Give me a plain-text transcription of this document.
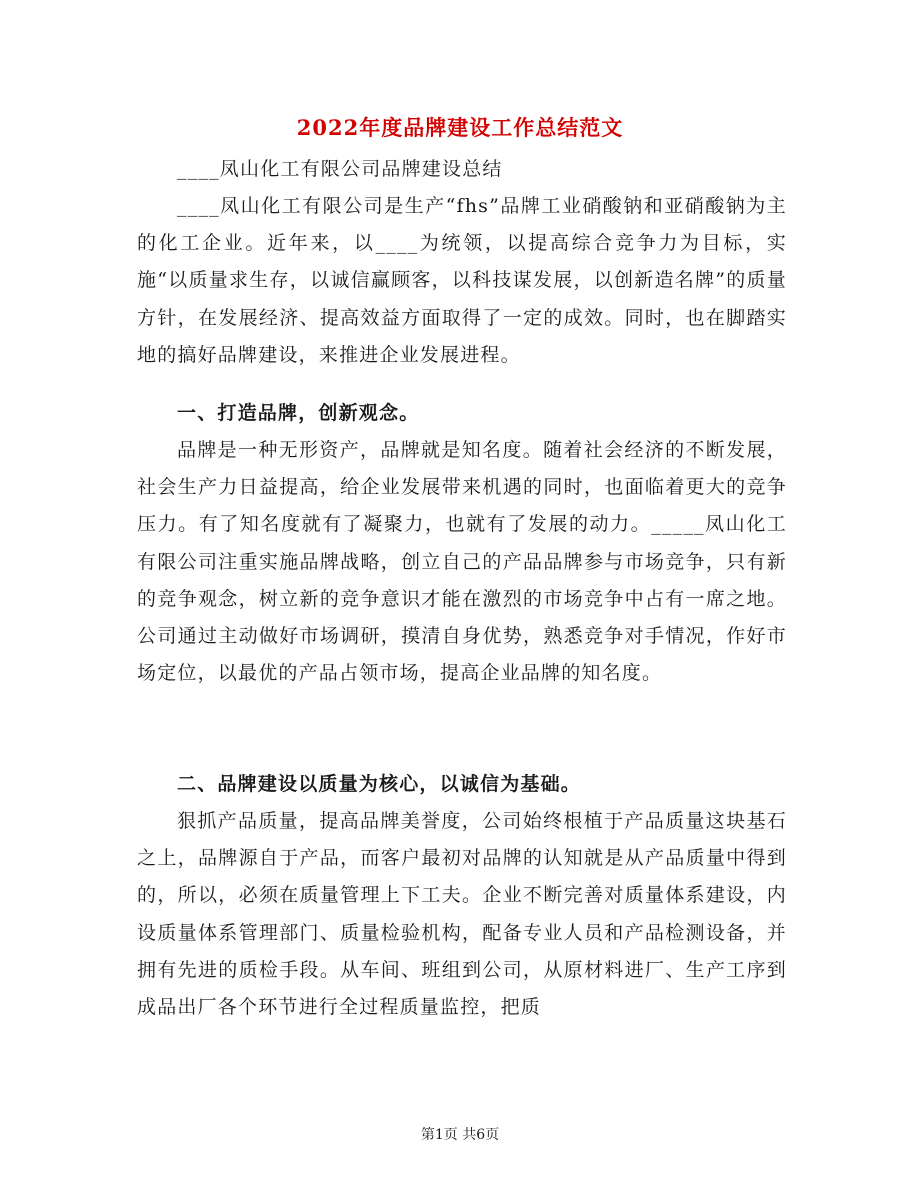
2022年度品牌建设工作总结范文

____凤山化工有限公司品牌建设总结

____凤山化工有限公司是生产“fhs”品牌工业硝酸钠和亚硝酸钠为主的化工企业。近年来，以____为统领，以提高综合竞争力为目标，实施“以质量求生存，以诚信赢顾客，以科技谋发展，以创新造名牌”的质量方针，在发展经济、提高效益方面取得了一定的成效。同时，也在脚踏实地的搞好品牌建设，来推进企业发展进程。

一、打造品牌，创新观念。

品牌是一种无形资产，品牌就是知名度。随着社会经济的不断发展，社会生产力日益提高，给企业发展带来机遇的同时，也面临着更大的竞争压力。有了知名度就有了凝聚力，也就有了发展的动力。_____凤山化工有限公司注重实施品牌战略，创立自己的产品品牌参与市场竞争，只有新的竞争观念，树立新的竞争意识才能在激烈的市场竞争中占有一席之地。公司通过主动做好市场调研，摸清自身优势，熟悉竞争对手情况，作好市场定位，以最优的产品占领市场，提高企业品牌的知名度。

二、品牌建设以质量为核心，以诚信为基础。

狠抓产品质量，提高品牌美誉度，公司始终根植于产品质量这块基石之上，品牌源自于产品，而客户最初对品牌的认知就是从产品质量中得到的，所以，必须在质量管理上下工夫。企业不断完善对质量体系建设，内设质量体系管理部门、质量检验机构，配备专业人员和产品检测设备，并拥有先进的质检手段。从车间、班组到公司，从原材料进厂、生产工序到成品出厂各个环节进行全过程质量监控，把质

第1页 共6页
